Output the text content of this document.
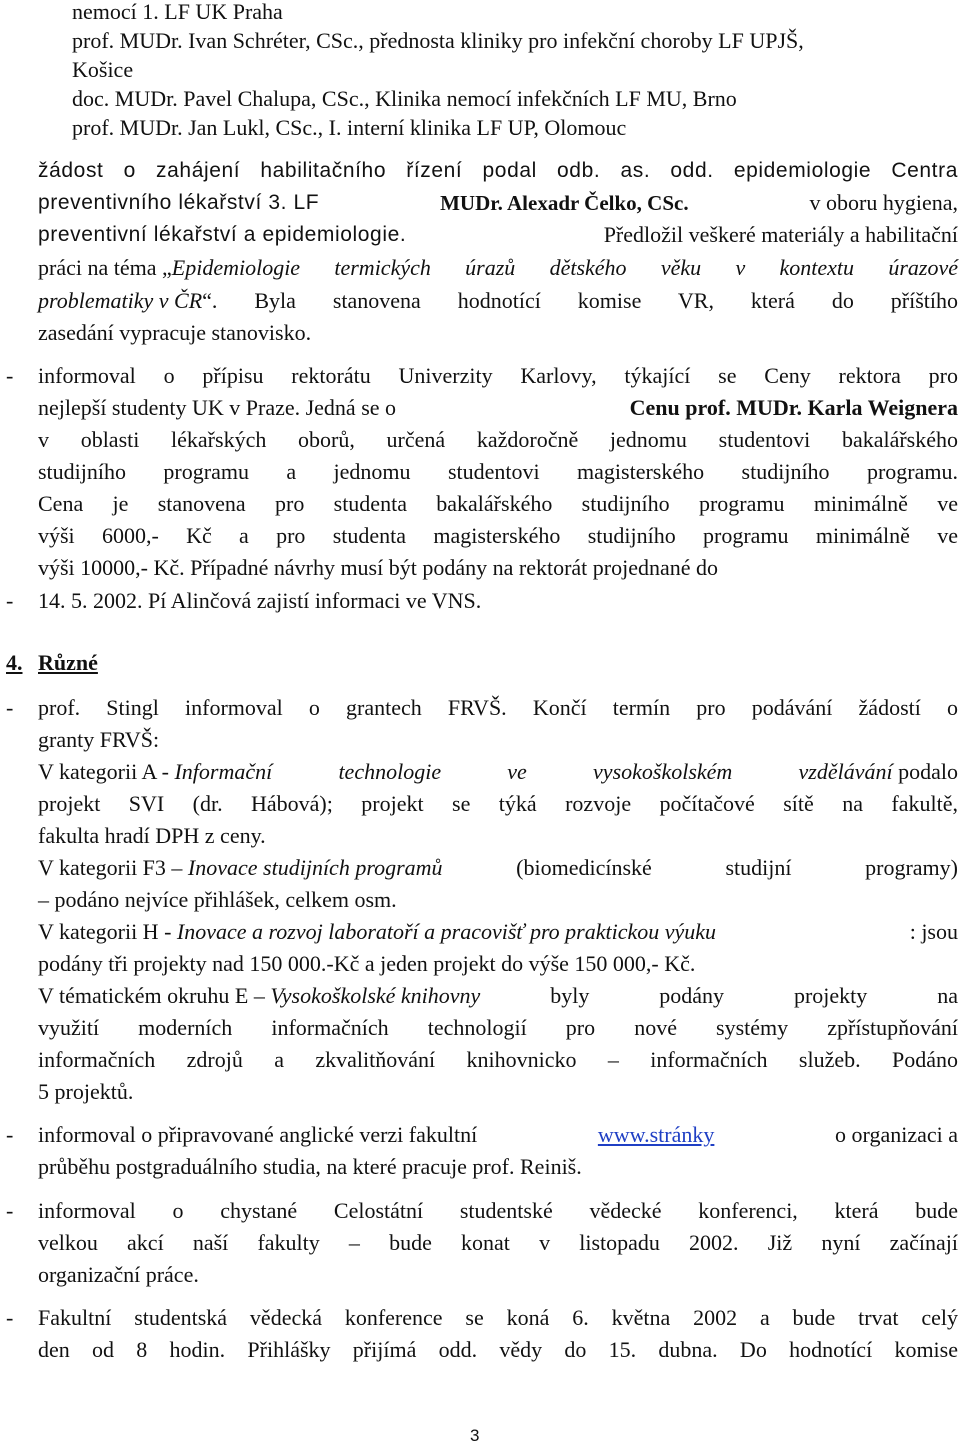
nemocí 1. LF UK Praha
prof. MUDr. Ivan Schréter, CSc., přednosta kliniky pro infekční choroby LF UPJŠ,
Košice
doc. MUDr. Pavel Chalupa, CSc., Klinika nemocí infekčních LF MU, Brno
prof. MUDr. Jan Lukl, CSc., I. interní klinika LF UP, Olomouc
žádost o zahájení habilitačního řízení podal odb. as. odd. epidemiologie Centra
preventivního lékařství 3. LF	MUDr. Alexadr Čelko, CSc.	v oboru hygiena,
preventivní lékařství a epidemiologie.	Předložil veškeré materiály a habilitační
práci na téma „ Epidemiologie termických úrazů dětského věku v kontextu úrazové
problematiky v ČR “. Byla stanovena hodnotící komise VR, která do příštího
zasedání vypracuje stanovisko.
- informoval o přípisu rektorátu Univerzity Karlovy, týkající se Ceny rektora pro
nejlepší studenty UK v Praze. Jedná se o	Cenu prof. MUDr. Karla Weignera
v oblasti lékařských oborů, určená každoročně jednomu studentovi bakalářského
studijního programu a jednomu studentovi magisterského studijního programu.
Cena je stanovena pro studenta bakalářského studijního programu minimálně ve
výši 6000,- Kč a pro studenta magisterského studijního programu minimálně ve
výši 10000,- Kč. Případné návrhy musí být podány na rektorát projednané do
- 14. 5. 2002. Pí Alinčová zajistí informaci ve VNS.
4. Různé
- prof. Stingl informoval o grantech FRVŠ. Končí termín pro podávání žádostí o
granty FRVŠ:
V kategorii A - Informační technologie ve vysokoškolském vzdělávání podalo
projekt SVI (dr. Hábová); projekt se týká rozvoje počítačové sítě na fakultě,
fakulta hradí DPH z ceny.
V kategorii F3 – Inovace studijních programů (biomedicínské studijní programy)
– podáno nejvíce přihlášek, celkem osm.
V kategorii H - Inovace a rozvoj laboratoří a pracovišť pro praktickou výuku	: jsou
podány tři projekty nad 150 000.-Kč a jeden projekt do výše 150 000,- Kč.
V tématickém okruhu E – Vysokoškolské knihovny byly podány projekty na
využití moderních informačních technologií pro nové systémy zpřístupňování
informačních zdrojů a zkvalitňování knihovnicko – informačních služeb. Podáno
5 projektů.
- informoval o připravované anglické verzi fakultní	www.stránky	o organizaci a
průběhu postgraduálního studia, na které pracuje prof. Reiniš.
- informoval o chystané Celostátní studentské vědecké konferenci, která bude
velkou akcí naší fakulty – bude konat v listopadu 2002. Již nyní začínají
organizační práce.
- Fakultní studentská vědecká konference se koná 6. května 2002 a bude trvat celý
den od 8 hodin. Přihlášky přijímá odd. vědy do 15. dubna. Do hodnotící komise
3
